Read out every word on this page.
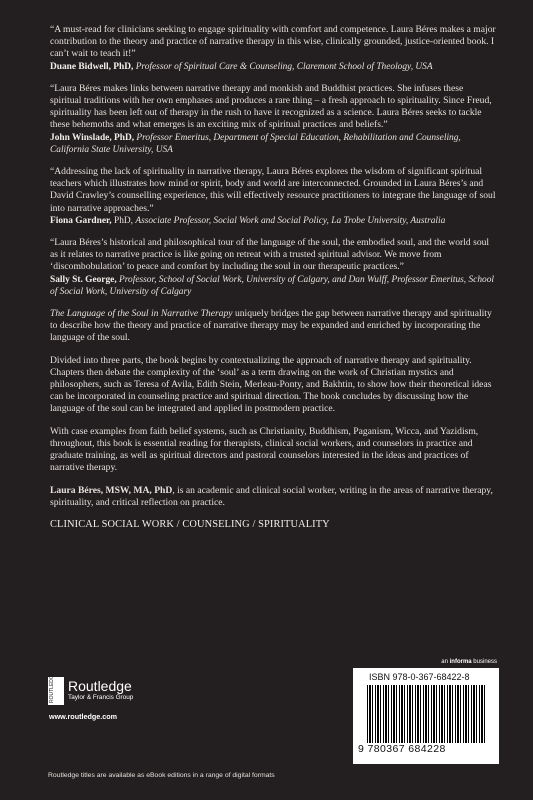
“A must-read for clinicians seeking to engage spirituality with comfort and competence. Laura Béres makes a major contribution to the theory and practice of narrative therapy in this wise, clinically grounded, justice-oriented book. I can’t wait to teach it!”

Duane Bidwell, PhD, Professor of Spiritual Care & Counseling, Claremont School of Theology, USA

“Laura Béres makes links between narrative therapy and monkish and Buddhist practices. She infuses these spiritual traditions with her own emphases and produces a rare thing – a fresh approach to spirituality. Since Freud, spirituality has been left out of therapy in the rush to have it recognized as a science. Laura Béres seeks to tackle these behemoths and what emerges is an exciting mix of spiritual practices and beliefs.”

John Winslade, PhD, Professor Emeritus, Department of Special Education, Rehabilitation and Counseling, California State University, USA

“Addressing the lack of spirituality in narrative therapy, Laura Béres explores the wisdom of significant spiritual teachers which illustrates how mind or spirit, body and world are interconnected. Grounded in Laura Béres’s and David Crawley’s counselling experience, this will effectively resource practitioners to integrate the language of soul into narrative approaches.”

Fiona Gardner, PhD, Associate Professor, Social Work and Social Policy, La Trobe University, Australia

“Laura Béres’s historical and philosophical tour of the language of the soul, the embodied soul, and the world soul as it relates to narrative practice is like going on retreat with a trusted spiritual advisor. We move from ‘discombobulation’ to peace and comfort by including the soul in our therapeutic practices.”

Sally St. George, Professor, School of Social Work, University of Calgary, and Dan Wulff, Professor Emeritus, School of Social Work, University of Calgary

The Language of the Soul in Narrative Therapy uniquely bridges the gap between narrative therapy and spirituality to describe how the theory and practice of narrative therapy may be expanded and enriched by incorporating the language of the soul.

Divided into three parts, the book begins by contextualizing the approach of narrative therapy and spirituality. Chapters then debate the complexity of the ‘soul’ as a term drawing on the work of Christian mystics and philosophers, such as Teresa of Avila, Edith Stein, Merleau-Ponty, and Bakhtin, to show how their theoretical ideas can be incorporated in counseling practice and spiritual direction. The book concludes by discussing how the language of the soul can be integrated and applied in postmodern practice.

With case examples from faith belief systems, such as Christianity, Buddhism, Paganism, Wicca, and Yazidism, throughout, this book is essential reading for therapists, clinical social workers, and counselors in practice and graduate training, as well as spiritual directors and pastoral counselors interested in the ideas and practices of narrative therapy.

Laura Béres, MSW, MA, PhD, is an academic and clinical social worker, writing in the areas of narrative therapy, spirituality, and critical reflection on practice.

CLINICAL SOCIAL WORK / COUNSELING / SPIRITUALITY
an informa business
ROUTLEDGE Routledge
Taylor & Francis Group
www.routledge.com
ISBN 978-0-367-68422-8
9 780367 684228
Routledge titles are available as eBook editions in a range of digital formats
